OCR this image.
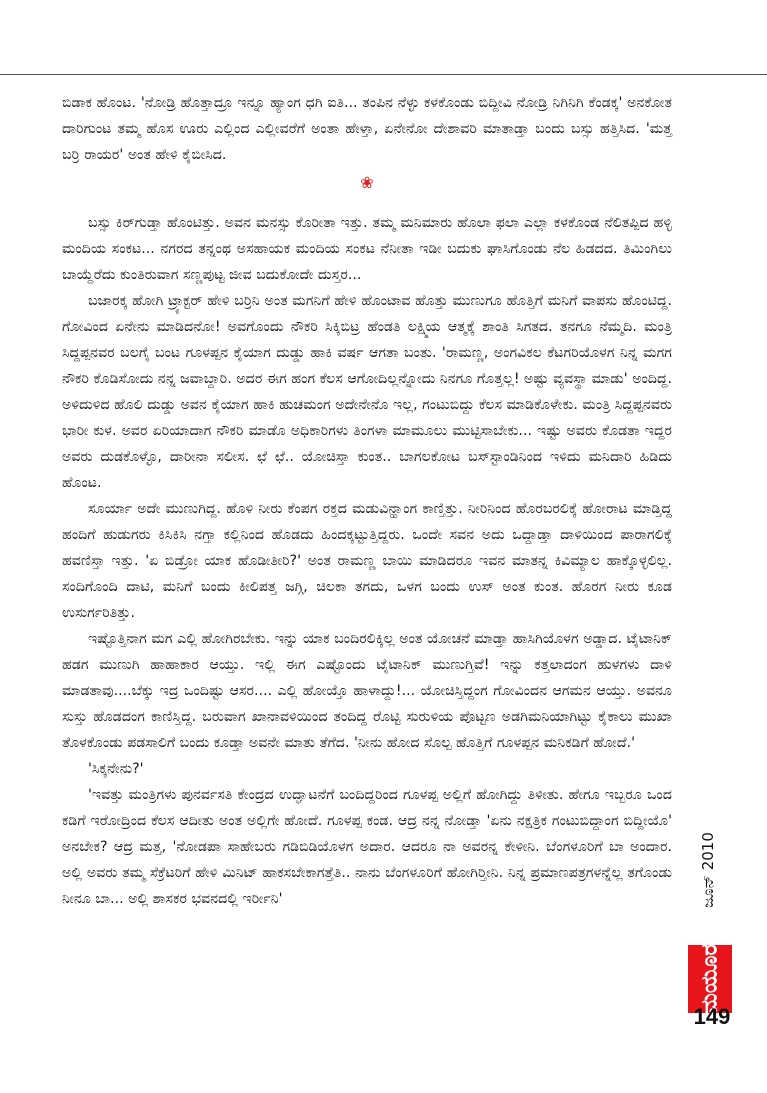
ಬಿಡಾಕ ಹೊಂಟ. 'ನೋಡ್ರಿ ಹೊತ್ತಾದ್ರೂ ಇನ್ನೂ ಹ್ಯಾಂಗ ಧಗಿ ಐತಿ... ತಂಪಿನ ನೆಳ್ಳು ಕಳಕೊಂಡು ಬಿದ್ದೀವಿ ನೋಡ್ರಿ ನಿಗಿನಿಗಿ ಕೆಂಡಕ್ಕ' ಅನಕೋತ ದಾರಿಗುಂಟ ತಮ್ಮ ಹೊಸ ಊರು ಎಲ್ಲಿಂದ ಎಲ್ಲೀವರೆಗೆ ಅಂತಾ ಹೇಳ್ತಾ, ಏನೇನೋ ದೇಶಾವರಿ ಮಾತಾಡ್ತಾ ಬಂದು ಬಸ್ಸು ಹತ್ತಿಸಿದ. 'ಮತ್ತ ಬರ್ರಿ ರಾಯರ' ಅಂತ ಹೇಳಿ ಕೈಬೀಸಿದ.

❀

ಬಸ್ಸು ಕಿರ್‌ಗುಡ್ತಾ ಹೊಂಟಿತ್ತು. ಅವನ ಮನಸ್ಸು ಕೊರೀತಾ ಇತ್ತು. ತಮ್ಮ ಮನಿಮಾರು ಹೊಲಾ ಫಲಾ ಎಲ್ಲಾ ಕಳಕೊಂಡ ನೆಲಿತಪ್ಪಿದ ಹಳ್ಳಿ ಮಂದಿಯ ಸಂಕಟ... ನಗರದ ತನ್ನಂಥ ಅಸಹಾಯಕ ಮಂದಿಯ ಸಂಕಟ ನೆನೀತಾ ಇಡೀ ಬದುಕು ಘಾಸಿಗೊಂಡು ನೆಲ ಹಿಡದದ. ತಿಮಿಂಗಿಲು ಬಾಯ್ದೆರೆದು ಕುಂತಿರುವಾಗ ಸಣ್ಣಪುಟ್ಟ ಜೀವ ಬದುಕೋದೇ ದುಸ್ತರ...

ಬಜಾರಕ್ಕ ಹೋಗಿ ಟ್ರ್ಯಾಕ್ಟರ್ ಹೇಳಿ ಬರ್ರಿನಿ ಅಂತ ಮಗನಿಗೆ ಹೇಳಿ ಹೊಂಟಾವ ಹೊತ್ತು ಮುಣುಗೂ ಹೊತ್ತಿಗೆ ಮನಿಗೆ ವಾಪಸು ಹೊಂಟಿದ್ದ. ಗೋವಿಂದ ಏನೇನು ಮಾಡಿದನೋ! ಅವಗೊಂದು ನೌಕರಿ ಸಿಕ್ಕಿಬಿಟ್ರ ಹೆಂಡತಿ ಲಕ್ಷ್ಮಿಯ ಆತ್ಮಕ್ಕೆ ಶಾಂತಿ ಸಿಗತದ. ತನಗೂ ನೆಮ್ಮದಿ. ಮಂತ್ರಿ ಸಿದ್ದಪ್ಪನವರ ಬಲಗೈ ಬಂಟ ಗೂಳಪ್ಪನ ಕೈಯಾಗ ದುಡ್ಡು ಹಾಕಿ ವರ್ಷ ಆಗತಾ ಬಂತು. 'ರಾಮಣ್ಣ, ಅಂಗವಿಕಲ ಕೆಟಗರಿಯೊಳಗ ನಿನ್ನ ಮಗಗ ನೌಕರಿ ಕೊಡಿಸೋದು ನನ್ನ ಜವಾಬ್ದಾರಿ. ಅದರ ಈಗ ಹಂಗ ಕೆಲಸ ಆಗೋದಿಲ್ಲನ್ನೋದು ನಿನಗೂ ಗೊತ್ತಲ್ಲ! ಅಷ್ಟು ವ್ಯವಸ್ಥಾ ಮಾಡು' ಅಂದಿದ್ದ. ಅಳಿದುಳಿದ ಹೊಲಿ ದುಡ್ಡು ಅವನ ಕೈಯಾಗ ಹಾಕಿ ಹುಚಮಂಗ ಅದೇನೇನೊ ಇಲ್ಲ, ಗಂಟುಬಿದ್ದು ಕೆಲಸ ಮಾಡಿಕೊಳೇಕು. ಮಂತ್ರಿ ಸಿದ್ದಪ್ಪನವರು ಭಾರೀ ಕುಳ. ಅವರ ಏರಿಯಾದಾಗ ನೌಕರಿ ಮಾಡೊ ಅಧಿಕಾರಿಗಳು ತಿಂಗಳಾ ಮಾಮೂಲು ಮುಟ್ಟಿಸಾಬೇಕು... ಇಷ್ಟು ಅವರು ಕೊಡತಾ ಇದ್ದರ ಅವರು ದುಡಕೊಳ್ಳೊ, ದಾರೀನಾ ಸಲೀಸ. ಛೆ ಛೆ.. ಯೋಚಿಸ್ತಾ ಕುಂತ.. ಬಾಗಲಕೋಟ ಬಸ್‌ಸ್ಟಾಂಡಿನಿಂದ ಇಳಿದು ಮನಿದಾರಿ ಹಿಡಿದು ಹೊಂಟ.

ಸೂರ್ಯಾ ಅದೇ ಮುಣುಗಿದ್ದ. ಹೊಳಿ ನೀರು ಕೆಂಪಗ ರಕ್ತದ ಮಡುವಿನ್ಹಾಂಗ ಕಾಣ್ತಿತ್ತು. ನೀರಿನಿಂದ ಹೊರಬರಲಿಕ್ಕೆ ಹೋರಾಟ ಮಾಡ್ತಿದ್ದ ಹಂದಿಗೆ ಹುಡುಗರು ಕಿಸಿಕಿಸಿ ನಗ್ತಾ ಕಲ್ಲಿನಿಂದ ಹೊಡದು ಹಿಂದಕ್ಕಟ್ಟುತ್ತಿದ್ದರು. ಒಂದೇ ಸವನ ಅದು ಒದ್ದಾಡ್ತಾ ದಾಳಿಯಿಂದ ಪಾರಾಗಲಿಕ್ಕೆ ಹವಣಿಸ್ತಾ ಇತ್ತು. 'ಏ ಬಿಡ್ರೋ ಯಾಕ ಹೊಡೀತೀರಿ?' ಅಂತ ರಾಮಣ್ಣ ಬಾಯಿ ಮಾಡಿದರೂ ಇವನ ಮಾತನ್ನ ಕಿವಿಮ್ಯಾಲ ಹಾಕ್ಕೊಳ್ಳಲಿಲ್ಲ. ಸಂದಿಗೊಂದಿ ದಾಟಿ, ಮನಿಗೆ ಬಂದು ಕೀಲಿಪತ್ತ ಜಗ್ಗಿ, ಚಿಲಕಾ ತಗದು, ಒಳಗ ಬಂದು ಉಸ್ ಅಂತ ಕುಂತ. ಹೊರಗ ನೀರು ಕೂಡ ಉಸುರ್ಗರಿತಿತ್ತು.

ಇಷ್ಟೊತ್ತಿನಾಗ ಮಗ ಎಲ್ಲಿ ಹೋಗಿರಬೇಕು. ಇನ್ನು ಯಾಕ ಬಂದಿರಲಿಕ್ಕಿಲ್ಲ ಅಂತ ಯೋಚನೆ ಮಾಡ್ತಾ ಹಾಸಿಗಿಯೊಳಗ ಅಡ್ಡಾದ. ಟೈಟಾನಿಕ್ ಹಡಗ ಮುಣುಗಿ ಹಾಹಾಕಾರ ಆಯ್ತು. ಇಲ್ಲಿ ಈಗ ಎಷ್ಟೊಂದು ಟೈಟಾನಿಕ್ ಮುಣುಗ್ತಿವೆ! ಇನ್ನು ಕತ್ತಲಾದಂಗ ಹುಳಗಳು ದಾಳಿ ಮಾಡತಾವು....ಬೆಕ್ಕು ಇದ್ರ ಒಂದಿಷ್ಟು ಆಸರ.... ಎಲ್ಲಿ ಹೋಯ್ತೊ ಹಾಳಾದ್ದು!... ಯೋಚಿಸ್ತಿದ್ದಂಗ ಗೋವಿಂದನ ಆಗಮನ ಆಯ್ತು. ಅವನೂ ಸುಸ್ತು ಹೊಡದಂಗ ಕಾಣಿಸ್ತಿದ್ದ. ಬರುವಾಗ ಖಾನಾವಳಿಯಿಂದ ತಂದಿದ್ದ ರೊಟ್ಟಿ ಸುರುಳಿಯ ಪೊಟ್ಟಣ ಅಡಗಿಮನಿಯಾಗಿಟ್ಟು ಕೈಕಾಲು ಮುಖಾ ತೊಳಕೊಂಡು ಪಡಸಾಲಿಗೆ ಬಂದು ಕೂಡ್ತಾ ಅವನೇ ಮಾತು ತೆಗೆದ. 'ನೀನು ಹೋದ ಸೊಲ್ಪ ಹೊತ್ತಿಗೆ ಗೂಳಪ್ಪನ ಮನಿಕಡಿಗೆ ಹೋದೆ.'

'ಸಿಕ್ಕನೇನು?'

'ಇವತ್ತು ಮಂತ್ರಿಗಳು ಪುನರ್ವಸತಿ ಕೇಂದ್ರದ ಉದ್ಘಾಟನೆಗೆ ಬಂದಿದ್ದರಿಂದ ಗೂಳಪ್ಪ ಅಲ್ಲಿಗೆ ಹೋಗಿದ್ದು ತಿಳೀತು. ಹೇಗೂ ಇಬ್ಬರೂ ಒಂದ ಕಡಿಗೆ ಇರೋದ್ರಿಂದ ಕೆಲಸ ಆದೀತು ಅಂತ ಅಲ್ಲಿಗೇ ಹೋದೆ. ಗೂಳಪ್ಪ ಕಂಡ. ಆದ್ರ ನನ್ನ ನೋಡ್ತಾ 'ಏನು ನಕ್ಷತ್ರಿಕ ಗಂಟುಬಿದ್ದಾಂಗ ಬಿದ್ದೀಯೊ' ಅನಬೇಕ? ಆದ್ರ ಮತ್ತ, 'ನೋಡಪಾ ಸಾಹೇಬರು ಗಡಿಬಿಡಿಯೊಳಗ ಅದಾರ. ಆದರೂ ನಾ ಅವರನ್ನ ಕೇಳೀನಿ. ಬೆಂಗಳೂರಿಗೆ ಬಾ ಅಂದಾರ. ಅಲ್ಲಿ ಅವರು ತಮ್ಮ ಸೆಕ್ರೆಟರಿಗೆ ಹೇಳಿ ಮಿನಿಟ್ ಹಾಕಸಬೇಕಾಗತ್ತೆತಿ.. ನಾನು ಬೆಂಗಳೂರಿಗೆ ಹೋಗಿರ್‍ತೀನಿ. ನಿನ್ನ ಪ್ರಮಾಣಪತ್ರಗಳನ್ನೆಲ್ಲ ತಗೊಂಡು ನೀನೂ ಬಾ... ಅಲ್ಲಿ ಶಾಸಕರ ಭವನದಲ್ಲಿ ಇರ್ರೀನಿ'	ಜೂನ್ 2010
ಮಯೂರ
149
